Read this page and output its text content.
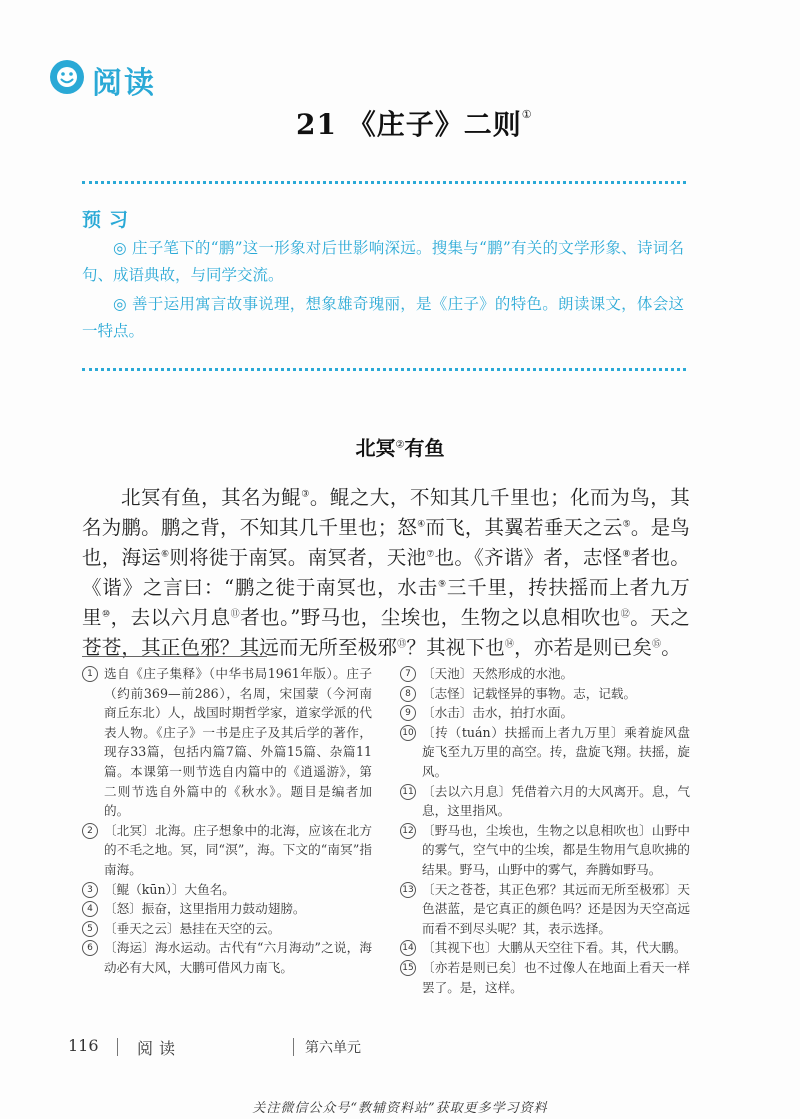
阅读
21 《庄子》二则①
预习
◎ 庄子笔下的“鹏”这一形象对后世影响深远。搜集与“鹏”有关的文学形象、诗词名句、成语典故，与同学交流。
◎ 善于运用寓言故事说理，想象雄奇瑰丽，是《庄子》的特色。朗读课文，体会这一特点。
北冥②有鱼
北冥有鱼，其名为鲲③。鲲之大，不知其几千里也；化而为鸟，其名为鹏。鹏之背，不知其几千里也；怒④而飞，其翼若垂天之云⑤。是鸟也，海运⑥则将徙于南冥。南冥者，天池⑦也。《齐谐》者，志怪⑧者也。《谐》之言曰：“鹏之徙于南冥也，水击⑨三千里，抟扶摇而上者九万里⑩，去以六月息⑪者也。”野马也，尘埃也，生物之以息相吹也⑫。天之苍苍，其正色邪？其远而无所至极邪⑬？其视下也⑭，亦若是则已矣⑮。
1 选自《庄子集释》（中华书局1961年版）。庄子（约前369—前286），名周，宋国蒙（今河南商丘东北）人，战国时期哲学家，道家学派的代表人物。《庄子》一书是庄子及其后学的著作，现存33篇，包括内篇7篇、外篇15篇、杂篇11篇。本课第一则节选自内篇中的《逍遥游》，第二则节选自外篇中的《秋水》。题目是编者加的。
2 〔北冥〕北海。庄子想象中的北海，应该在北方的不毛之地。冥，同“溟”，海。下文的“南冥”指南海。
3 〔鲲（kūn）〕大鱼名。
4 〔怒〕振奋，这里指用力鼓动翅膀。
5 〔垂天之云〕悬挂在天空的云。
6 〔海运〕海水运动。古代有“六月海动”之说，海动必有大风，大鹏可借风力南飞。
7 〔天池〕天然形成的水池。
8 〔志怪〕记载怪异的事物。志，记载。
9 〔水击〕击水，拍打水面。
10 〔抟（tuán）扶摇而上者九万里〕乘着旋风盘旋飞至九万里的高空。抟，盘旋飞翔。扶摇，旋风。
11 〔去以六月息〕凭借着六月的大风离开。息，气息，这里指风。
12 〔野马也，尘埃也，生物之以息相吹也〕山野中的雾气，空气中的尘埃，都是生物用气息吹拂的结果。野马，山野中的雾气，奔腾如野马。
13 〔天之苍苍，其正色邪？其远而无所至极邪〕天色湛蓝，是它真正的颜色吗？还是因为天空高远而看不到尽头呢？其，表示选择。
14 〔其视下也〕大鹏从天空往下看。其，代大鹏。
15 〔亦若是则已矣〕也不过像人在地面上看天一样罢了。是，这样。
116 阅读	第六单元
关注微信公众号“教辅资料站”获取更多学习资料
